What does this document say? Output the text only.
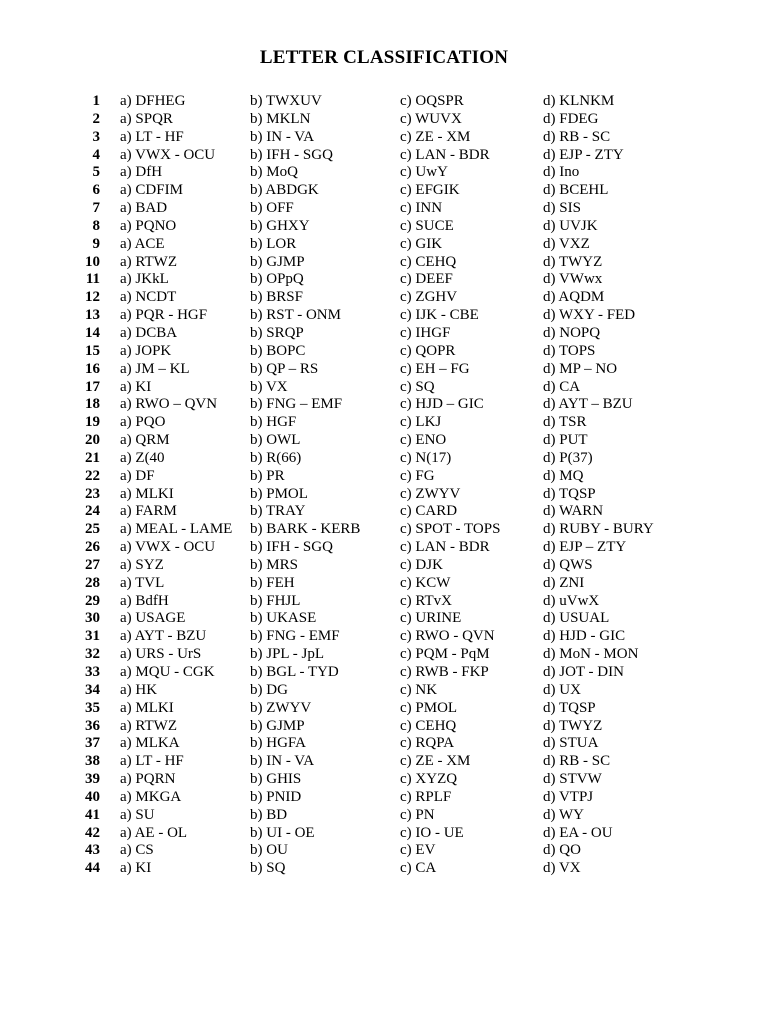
LETTER CLASSIFICATION
1 a) DFHEG	b) TWXUV	c) OQSPR	d) KLNKM
2 a) SPQR	b) MKLN	c) WUVX	d) FDEG
3 a) LT - HF	b) IN - VA	c) ZE - XM	d) RB - SC
4 a) VWX - OCU b) IFH - SGQ	c) LAN - BDR	d) EJP - ZTY
5 a) DfH	b) MoQ	c) UwY	d) Ino
6 a) CDFIM	b) ABDGK	c) EFGIK	d) BCEHL
7 a) BAD	b) OFF	c) INN	d) SIS
8 a) PQNO	b) GHXY	c) SUCE	d) UVJK
9 a) ACE	b) LOR	c) GIK	d) VXZ
10 a) RTWZ	b) GJMP	c) CEHQ	d) TWYZ
11 a) JKkL	b) OPpQ	c) DEEF	d) VWwx
12 a) NCDT	b) BRSF	c) ZGHV	d) AQDM
13 a) PQR - HGF	b) RST - ONM	c) IJK - CBE	d) WXY - FED
14 a) DCBA	b) SRQP	c) IHGF	d) NOPQ
15 a) JOPK	b) BOPC	c) QOPR	d) TOPS
16 a) JM – KL	b) QP – RS	c) EH – FG	d) MP – NO
17 a) KI	b) VX	c) SQ	d) CA
18 a) RWO – QVN b) FNG – EMF	c) HJD – GIC	d) AYT – BZU
19 a) PQO	b) HGF	c) LKJ	d) TSR
20 a) QRM	b) OWL	c) ENO	d) PUT
21 a) Z(40	b) R(66)	c) N(17)	d) P(37)
22 a) DF	b) PR	c) FG	d) MQ
23 a) MLKI	b) PMOL	c) ZWYV	d) TQSP
24 a) FARM	b) TRAY	c) CARD	d) WARN
25 a) MEAL - LAME b) BARK - KERB	c) SPOT - TOPS	d) RUBY - BURY
26 a) VWX - OCU b) IFH - SGQ	c) LAN - BDR	d) EJP – ZTY
27 a) SYZ	b) MRS	c) DJK	d) QWS
28 a) TVL	b) FEH	c) KCW	d) ZNI
29 a) BdfH	b) FHJL	c) RTvX	d) uVwX
30 a) USAGE	b) UKASE	c) URINE	d) USUAL
31 a) AYT - BZU	b) FNG - EMF	c) RWO - QVN	d) HJD - GIC
32 a) URS - UrS	b) JPL - JpL	c) PQM - PqM	d) MoN - MON
33 a) MQU - CGK b) BGL - TYD	c) RWB - FKP	d) JOT - DIN
34 a) HK	b) DG	c) NK	d) UX
35 a) MLKI	b) ZWYV	c) PMOL	d) TQSP
36 a) RTWZ	b) GJMP	c) CEHQ	d) TWYZ
37 a) MLKA	b) HGFA	c) RQPA	d) STUA
38 a) LT - HF	b) IN - VA	c) ZE - XM	d) RB - SC
39 a) PQRN	b) GHIS	c) XYZQ	d) STVW
40 a) MKGA	b) PNID	c) RPLF	d) VTPJ
41 a) SU	b) BD	c) PN	d) WY
42 a) AE - OL	b) UI - OE	c) IO - UE	d) EA - OU
43 a) CS	b) OU	c) EV	d) QO
44 a) KI	b) SQ	c) CA	d) VX
